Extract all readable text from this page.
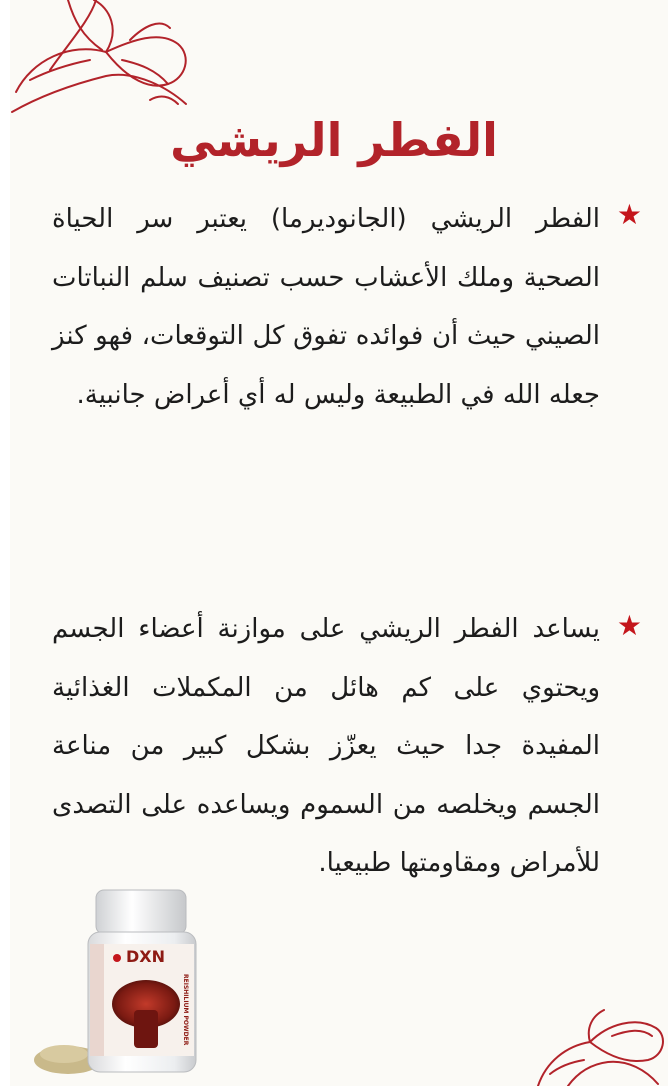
الفطر الريشي
★

الفطر الريشي (الجانوديرما) يعتبر سر الحياة الصحية وملك الأعشاب حسب تصنيف سلم النباتات الصيني حيث أن فوائده تفوق كل التوقعات، فهو كنز جعله الله في الطبيعة وليس له أي أعراض جانبية.

★

يساعد الفطر الريشي على موازنة أعضاء الجسم ويحتوي على كم هائل من المكملات الغذائية المفيدة جدا حيث يعزّز بشكل كبير من مناعة الجسم ويخلصه من السموم ويساعده على التصدى للأمراض ومقاومتها طبيعيا.

DXN
REISHILIUM POWDER
